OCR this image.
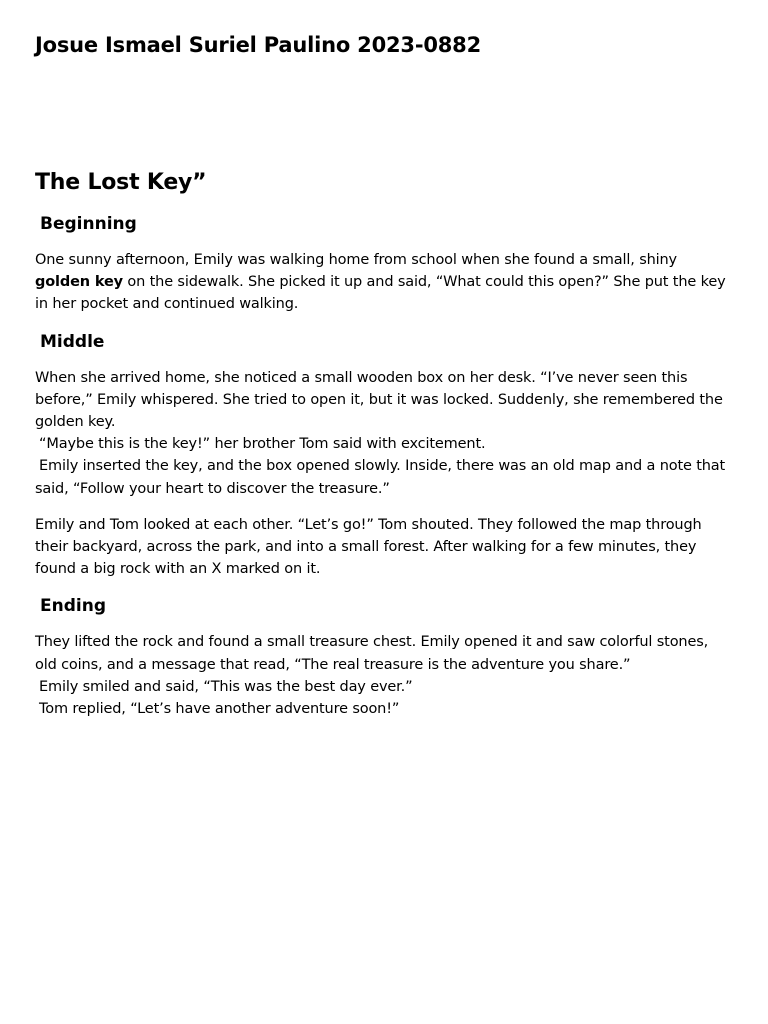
Josue Ismael Suriel Paulino 2023-0882
The Lost Key”
Beginning

One sunny afternoon, Emily was walking home from school when she found a small, shiny
golden key on the sidewalk. She picked it up and said, “What could this open?” She put the key
in her pocket and continued walking.

Middle

When she arrived home, she noticed a small wooden box on her desk. “I’ve never seen this
before,” Emily whispered. She tried to open it, but it was locked. Suddenly, she remembered the
golden key.
“Maybe this is the key!” her brother Tom said with excitement.
Emily inserted the key, and the box opened slowly. Inside, there was an old map and a note that
said, “Follow your heart to discover the treasure.”

Emily and Tom looked at each other. “Let’s go!” Tom shouted. They followed the map through
their backyard, across the park, and into a small forest. After walking for a few minutes, they
found a big rock with an X marked on it.

Ending

They lifted the rock and found a small treasure chest. Emily opened it and saw colorful stones,
old coins, and a message that read, “The real treasure is the adventure you share.”
Emily smiled and said, “This was the best day ever.”
Tom replied, “Let’s have another adventure soon!”
